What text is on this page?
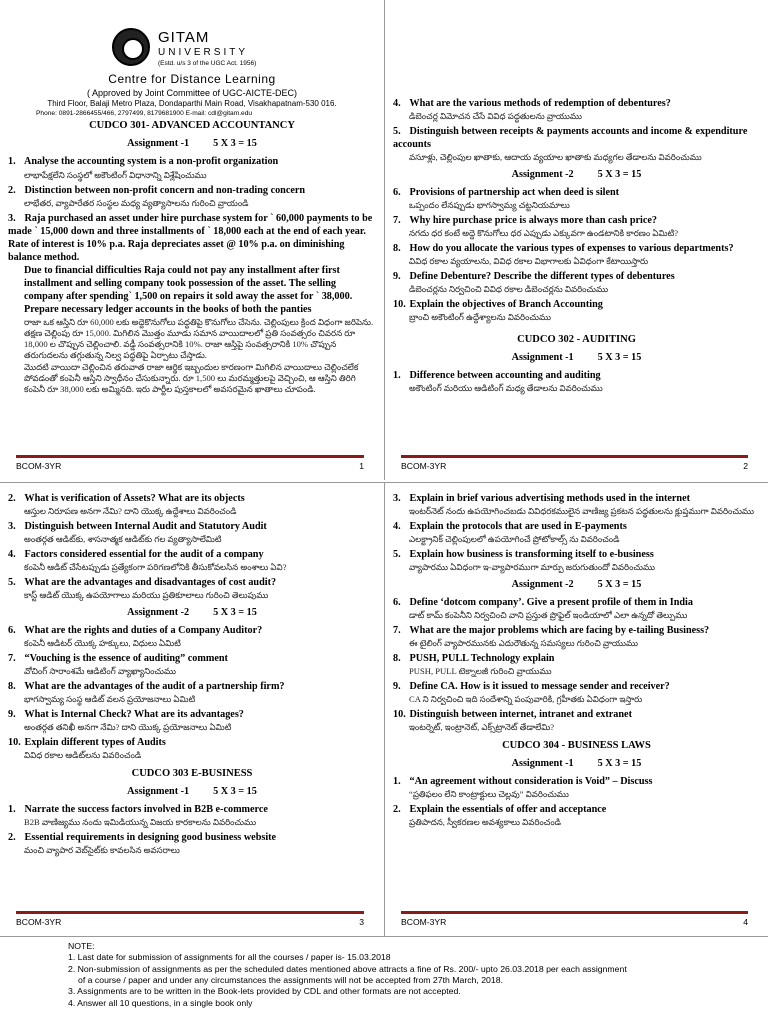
GITAM
UNIVERSITY
(Estd. u/s 3 of the UGC Act. 1956)
Centre for Distance Learning
( Approved by Joint Committee of UGC-AICTE-DEC)
Third Floor, Balaji Metro Plaza, Dondaparthi Main Road, Visakhapatnam-530 016.
Phone: 0891-2866455/466, 2797499, 8179681900 E-mail: cdl@gitam.edu
CUDCO 301- ADVANCED ACCOUNTANCY
Assignment -1 5 X 3 = 15
1. Analyse the accounting system is a non-profit organization
లాభాపేక్షలేని సంస్థలో అకౌంటింగ్ విధానాన్ని విశ్లేషించుము
2. Distinction between non-profit concern and non-trading concern
లాభేతర, వ్యాపారేతర సంస్థల మధ్య వ్యత్యాసాలను గురించి వ్రాయండి
3. Raja purchased an asset under hire purchase system for ` 60,000 payments to be made ` 15,000 down and three installments of ` 18,000 each at the end of each year. Rate of interest is 10% p.a. Raja depreciates asset @ 10% p.a. on diminishing balance method.
Due to financial difficulties Raja could not pay any installment after first installment and selling company took possession of the asset. The selling company after spending` 1,500 on repairs it sold away the asset for ` 38,000. Prepare necessary ledger accounts in the books of both the panties
రాజా ఒక ఆస్తిని రూ 60,000 లకు అద్దెకొనుగోలు పద్ధతిపై కొనుగోలు చేసెను. చెల్లింపులు క్రింద విధంగా జరిపెను. తక్షణ చెల్లింపు రూ 15,000. మిగిలిన మొత్తం మూడు సమాన వాయిదాలలో ప్రతి సంవత్సరం చివరన రూ 18,000 ల చొప్పున చెల్లించాలి. వడ్డీ సంవత్సరానికి 10%. రాజా ఆస్తిపై సంవత్సరానికి 10% చొప్పున తరుగుదలను తగ్గుతున్న నిల్వ పద్ధతిపై ఏర్పాటు చేస్తాడు.
మొదటి వాయిదా చెల్లించిన తరువాత రాజా ఆర్థిక ఇబ్బందుల కారణంగా మిగిలిన వాయిదాలు చెల్లించలేక పోవడంతో కంపెనీ ఆస్తిని స్వాధీనం చేసుకున్నారు. రూ 1,500 లు మరమ్మత్తులపై వెచ్చించి, ఆ ఆస్తిని తిరిగి కంపెనీ రూ 38,000 లకు అమ్మినది. ఇరు పార్టీల పుస్తకాలలో అవసరమైన ఖాతాలు చూపండి.
BCOM-3YR	1
4. What are the various methods of redemption of debentures?
డిబెంచర్ల విమోచన చేసే వివిధ పద్ధతులను వ్రాయుము
5. Distinguish between receipts & payments accounts and income & expenditure accounts
వసూళ్లు, చెల్లింపుల ఖాతాకు, ఆదాయ వ్యయాల ఖాతాకు మధ్యగల తేడాలను వివరించుము
Assignment -2 5 X 3 = 15
6. Provisions of partnership act when deed is silent
ఒప్పందం లేనప్పుడు భాగస్వామ్య చట్టనియమాలు
7. Why hire purchase price is always more than cash price?
నగదు ధర కంటే అద్దె కొనుగోలు ధర ఎప్పుడు ఎక్కువగా ఉండటానికి కారణం ఏమిటి?
8. How do you allocate the various types of expenses to various departments?
వివిధ రకాల వ్యయాలను, వివిధ రకాల విభాగాలకు ఏవిధంగా కేటాయిస్తారు
9. Define Debenture? Describe the different types of debentures
డిబెంచర్లను నిర్వచించి వివిధ రకాల డిబెంచర్లను వివరించుము
10. Explain the objectives of Branch Accounting
బ్రాంచి అకౌంటింగ్ ఉద్దేశ్యాలను వివరించుము
CUDCO 302 - AUDITING
Assignment -1 5 X 3 = 15
1. Difference between accounting and auditing
అకౌంటింగ్ మరియు ఆడిటింగ్ మధ్య తేడాలను వివరించుము
BCOM-3YR	2
2. What is verification of Assets? What are its objects
ఆస్తుల నిరూపణ అనగా నేమి? దాని యొక్క ఉద్దేశాలు వివరించండి
3. Distinguish between Internal Audit and Statutory Audit
అంతర్గత ఆడిట్‌కు, శాసనాత్మక ఆడిట్‌కు గల వ్యత్యాసాలేమిటి
4. Factors considered essential for the audit of a company
కంపెనీ ఆడిట్ చేసేటప్పుడు ప్రత్యేకంగా పరిగణలోనికి తీసుకోవలసిన అంశాలు ఏవి?
5. What are the advantages and disadvantages of cost audit?
కాస్ట్ ఆడిట్ యొక్క ఉపయోగాలు మరియు ప్రతికూలాలు గురించి తెలుపుము
Assignment -2 5 X 3 = 15
6. What are the rights and duties of a Company Auditor?
కంపెనీ ఆడిటర్ యొక్క హక్కులు, విధులు ఏమిటి
7. “Vouching is the essence of auditing” comment
వోచింగ్ సారాంశమే ఆడిటింగ్ వ్యాఖ్యానించుము
8. What are the advantages of the audit of a partnership firm?
భాగస్వామ్య సంస్థ ఆడిట్ వలన ప్రయోజనాలు ఏమిటి
9. What is Internal Check? What are its advantages?
అంతర్గత తనిఖీ అనగా నేమి? దాని యొక్క ప్రయోజనాలు ఏమిటి
10. Explain different types of Audits
వివిధ రకాల ఆడిట్‌లను వివరించండి
CUDCO 303 E-BUSINESS
Assignment -1 5 X 3 = 15
1. Narrate the success factors involved in B2B e-commerce
B2B వాణిజ్యము నందు ఇమిడియున్న విజయ కారకాలను వివరించుము
2. Essential requirements in designing good business website
మంచి వ్యాపార వెబ్‌సైట్‌కు కావలసిన అవసరాలు
BCOM-3YR	3
3. Explain in brief various advertising methods used in the internet
ఇంటర్‌నెట్ నందు ఉపయోగించబడు వివిధరకములైన వాణిజ్య ప్రకటన పద్ధతులను క్లుప్తముగా వివరించుము
4. Explain the protocols that are used in E-payments
ఎలక్ట్రానిక్ చెల్లింపులలో ఉపయోగించే ప్రోటోకాల్స్ ను వివరించండి
5. Explain how business is transforming itself to e-business
వ్యాపారము ఏవిధంగా ఇ-వ్యాపారముగా మార్పు జరుగుతుందో వివరించుము
Assignment -2 5 X 3 = 15
6. Define ‘dotcom company’. Give a present profile of them in India
డాట్ కామ్ కంపెనీని నిర్వచించి వాని ప్రస్తుత ప్రొఫైల్ ఇండియాలో ఎలా ఉన్నదో తెల్పుము
7. What are the major problems which are facing by e-tailing Business?
ఈ టైలింగ్ వ్యాపారమునకు ఎదురౌతున్న సమస్యలు గురించి వ్రాయుము
8. PUSH, PULL Technology explain
PUSH, PULL టెక్నాలజీ గురించి వ్రాయుము
9. Define CA. How is it issued to message sender and receiver?
CA ని నిర్వచించి ఇది సందేశాన్ని పంపువారికి, గ్రహీతకు ఏవిధంగా ఇస్తారు
10. Distinguish between internet, intranet and extranet
ఇంటర్నెట్, ఇంట్రానెట్, ఎక్స్‌ట్రానెట్ తేడాలేమి?
CUDCO 304 - BUSINESS LAWS
Assignment -1 5 X 3 = 15
1. “An agreement without consideration is Void” – Discuss
“ప్రతిఫలం లేని కాంట్రాక్టులు చెల్లవు” వివరించుము
2. Explain the essentials of offer and acceptance
ప్రతిపాదన, స్వీకరణల అవశ్యకాలు వివరించండి
BCOM-3YR	4
NOTE:
1. Last date for submission of assignments for all the courses / paper is- 15.03.2018
2. Non-submission of assignments as per the scheduled dates mentioned above attracts a fine of Rs. 200/- upto 26.03.2018 per each assignment
of a course / paper and under any circumstances the assignments will not be accepted from 27th March, 2018.
3. Assignments are to be written in the Book-lets provided by CDL and other formats are not accepted.
4. Answer all 10 questions, in a single book only
